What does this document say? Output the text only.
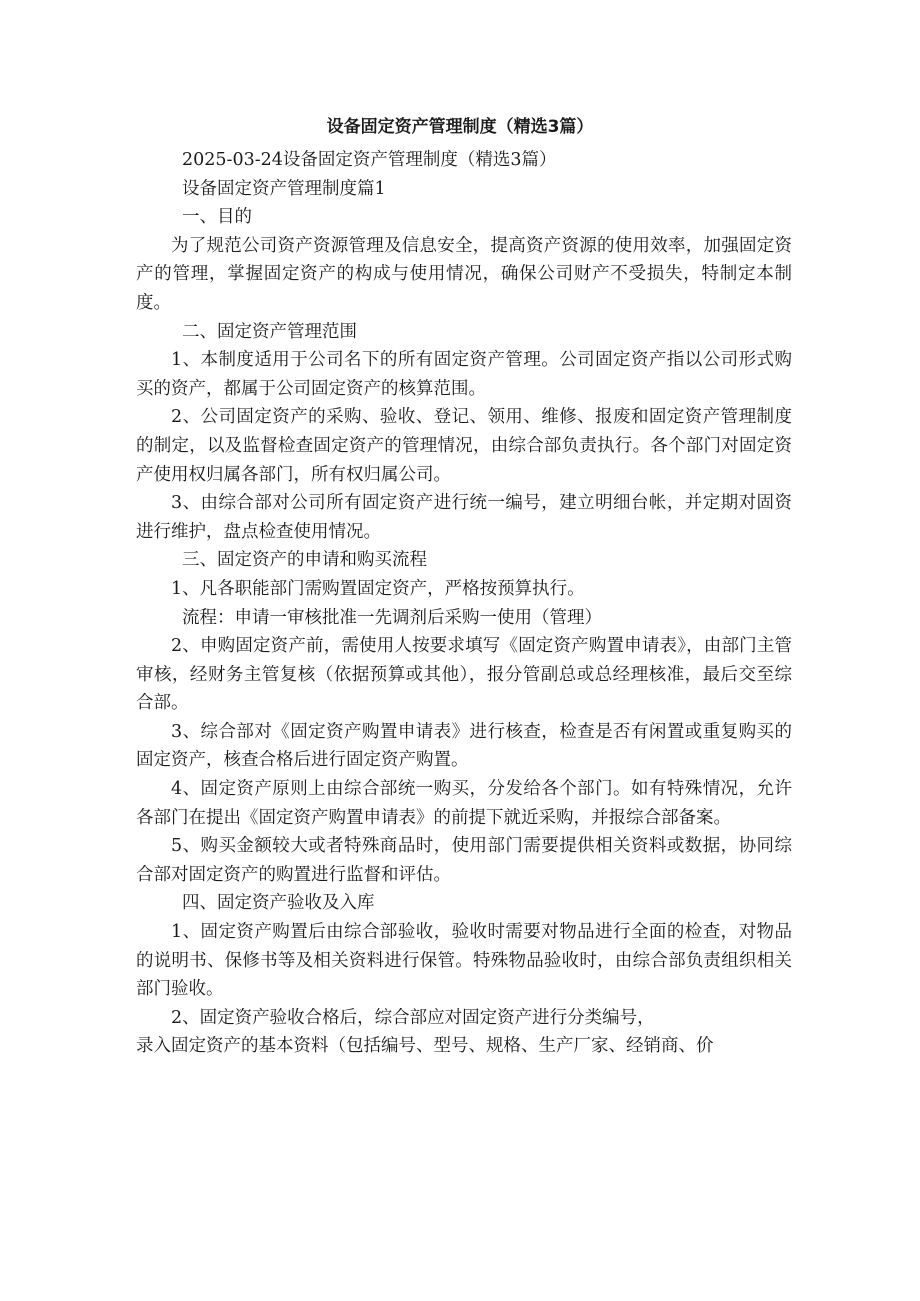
设备固定资产管理制度（精选3篇）

2025-03-24设备固定资产管理制度（精选3篇）

设备固定资产管理制度篇1

一、目的

为了规范公司资产资源管理及信息安全，提高资产资源的使用效率，加强固定资产的管理，掌握固定资产的构成与使用情况，确保公司财产不受损失，特制定本制度。

二、固定资产管理范围

1、本制度适用于公司名下的所有固定资产管理。公司固定资产指以公司形式购买的资产，都属于公司固定资产的核算范围。

2、公司固定资产的采购、验收、登记、领用、维修、报废和固定资产管理制度的制定，以及监督检查固定资产的管理情况，由综合部负责执行。各个部门对固定资产使用权归属各部门，所有权归属公司。

3、由综合部对公司所有固定资产进行统一编号，建立明细台帐，并定期对固资进行维护，盘点检查使用情况。

三、固定资产的申请和购买流程

1、凡各职能部门需购置固定资产，严格按预算执行。

流程：申请一审核批准一先调剂后采购一使用（管理）

2、申购固定资产前，需使用人按要求填写《固定资产购置申请表》，由部门主管审核，经财务主管复核（依据预算或其他），报分管副总或总经理核准，最后交至综合部。

3、综合部对《固定资产购置申请表》进行核查，检查是否有闲置或重复购买的固定资产，核查合格后进行固定资产购置。

4、固定资产原则上由综合部统一购买，分发给各个部门。如有特殊情况，允许各部门在提出《固定资产购置申请表》的前提下就近采购，并报综合部备案。

5、购买金额较大或者特殊商品时，使用部门需要提供相关资料或数据，协同综合部对固定资产的购置进行监督和评估。

四、固定资产验收及入库

1、固定资产购置后由综合部验收，验收时需要对物品进行全面的检查，对物品的说明书、保修书等及相关资料进行保管。特殊物品验收时，由综合部负责组织相关部门验收。

2、固定资产验收合格后，综合部应对固定资产进行分类编号，

录入固定资产的基本资料（包括编号、型号、规格、生产厂家、经销商、价
